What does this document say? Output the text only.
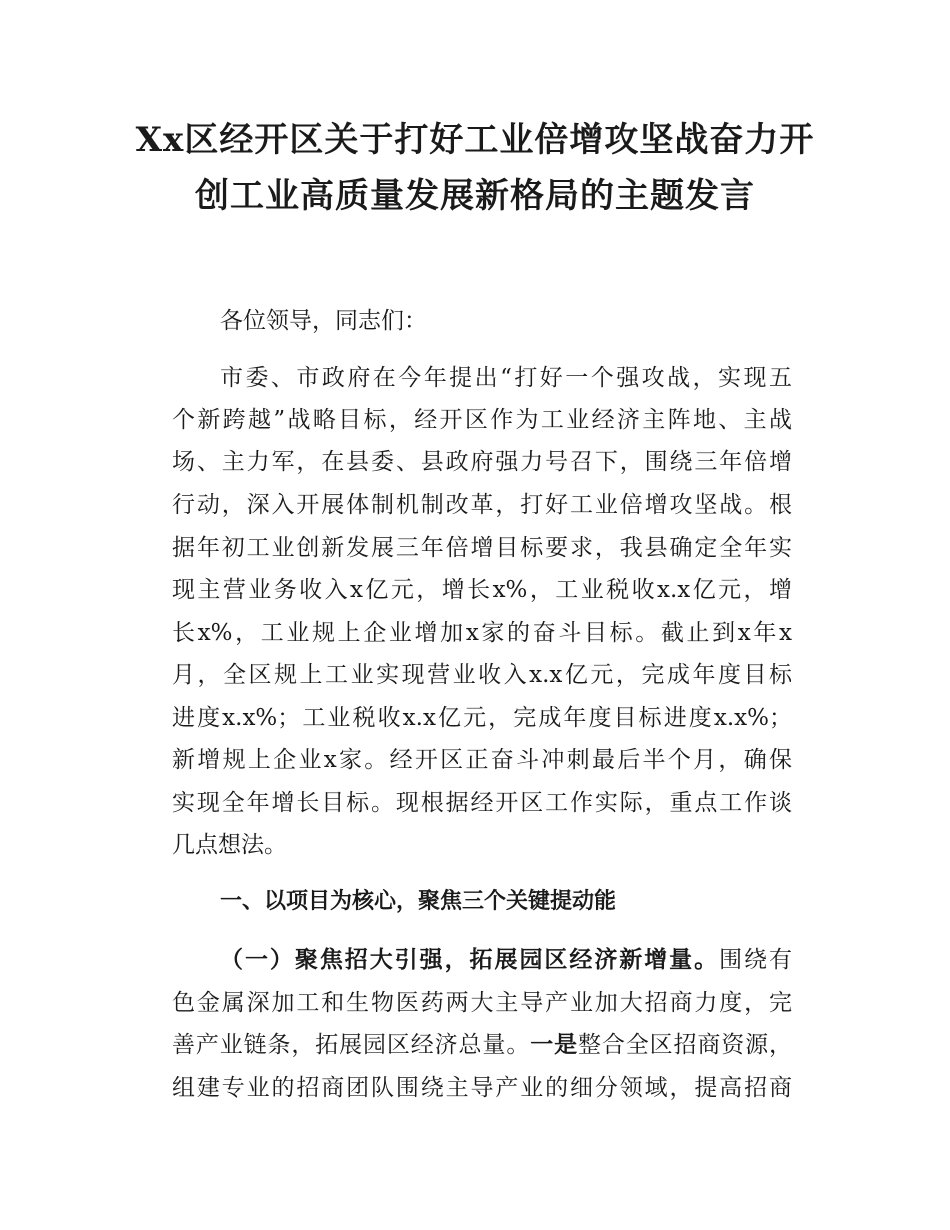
Xx区经开区关于打好工业倍增攻坚战奋力开
创工业高质量发展新格局的主题发言

各位领导，同志们：

市委、市政府在今年提出“打好一个强攻战，实现五

个新跨越”战略目标，经开区作为工业经济主阵地、主战

场、主力军，在县委、县政府强力号召下，围绕三年倍增

行动，深入开展体制机制改革，打好工业倍增攻坚战。根

据年初工业创新发展三年倍增目标要求，我县确定全年实

现主营业务收入x亿元，增长x%，工业税收x.x亿元，增

长x%，工业规上企业增加x家的奋斗目标。截止到x年x

月，全区规上工业实现营业收入x.x亿元，完成年度目标

进度x.x%；工业税收x.x亿元，完成年度目标进度x.x%；

新增规上企业x家。经开区正奋斗冲刺最后半个月，确保

实现全年增长目标。现根据经开区工作实际，重点工作谈

几点想法。

一、以项目为核心，聚焦三个关键提动能

（一）聚焦招大引强，拓展园区经济新增量。围绕有

色金属深加工和生物医药两大主导产业加大招商力度，完

善产业链条，拓展园区经济总量。一是整合全区招商资源，

组建专业的招商团队围绕主导产业的细分领域，提高招商
